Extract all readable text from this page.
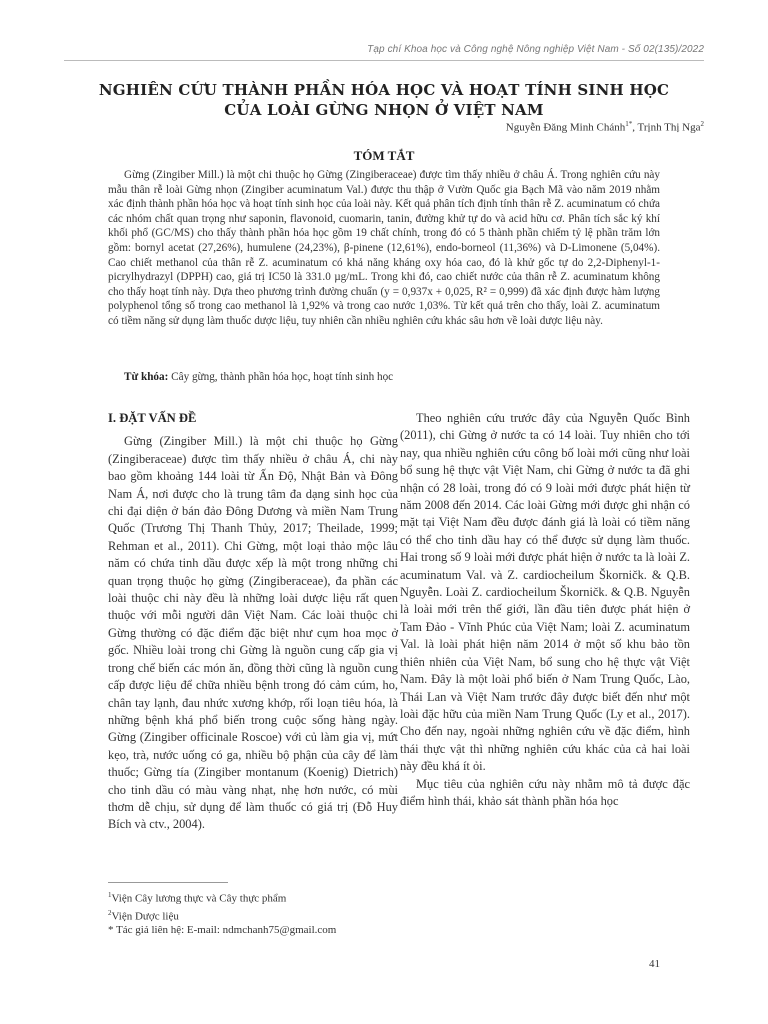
Tạp chí Khoa học và Công nghệ Nông nghiệp Việt Nam - Số 02(135)/2022
NGHIÊN CỨU THÀNH PHẦN HÓA HỌC VÀ HOẠT TÍNH SINH HỌC
CỦA LOÀI GỪNG NHỌN Ở VIỆT NAM
Nguyễn Đăng Minh Chánh$^{1*}$, Trịnh Thị Nga$^2$
TÓM TẮT
Gừng (Zingiber Mill.) là một chi thuộc họ Gừng (Zingiberaceae) được tìm thấy nhiều ở châu Á. Trong nghiên cứu này mẫu thân rễ loài Gừng nhọn (Zingiber acuminatum Val.) được thu thập ở Vườn Quốc gia Bạch Mã vào năm 2019 nhằm xác định thành phần hóa học và hoạt tính sinh học của loài này. Kết quả phân tích định tính thân rễ Z. acuminatum có chứa các nhóm chất quan trọng như saponin, flavonoid, cuomarin, tanin, đường khử tự do và acid hữu cơ. Phân tích sắc ký khí khối phổ (GC/MS) cho thấy thành phần hóa học gồm 19 chất chính, trong đó có 5 thành phần chiếm tỷ lệ phần trăm lớn gồm: bornyl acetat (27,26%), humulene (24,23%), β-pinene (12,61%), endo-borneol (11,36%) và D-Limonene (5,04%). Cao chiết methanol của thân rễ Z. acuminatum có khả năng kháng oxy hóa cao, đó là khử gốc tự do 2,2-Diphenyl-1-picrylhydrazyl (DPPH) cao, giá trị IC50 là 331.0 µg/mL. Trong khi đó, cao chiết nước của thân rễ Z. acuminatum không cho thấy hoạt tính này. Dựa theo phương trình đường chuẩn (y = 0,937x + 0,025, R² = 0,999) đã xác định được hàm lượng polyphenol tổng số trong cao methanol là 1,92% và trong cao nước 1,03%. Từ kết quả trên cho thấy, loài Z. acuminatum có tiềm năng sử dụng làm thuốc dược liệu, tuy nhiên cần nhiều nghiên cứu khác sâu hơn về loài dược liệu này.
Từ khóa: Cây gừng, thành phần hóa học, hoạt tính sinh học
I. ĐẶT VẤN ĐỀ

Gừng (Zingiber Mill.) là một chi thuộc họ Gừng (Zingiberaceae) được tìm thấy nhiều ở châu Á, chi này bao gồm khoảng 144 loài từ Ấn Độ, Nhật Bản và Đông Nam Á, nơi được cho là trung tâm đa dạng sinh học của chi đại diện ở bán đảo Đông Dương và miền Nam Trung Quốc (Trương Thị Thanh Thủy, 2017; Theilade, 1999; Rehman et al., 2011). Chi Gừng, một loại thảo mộc lâu năm có chứa tinh dầu được xếp là một trong những chi quan trọng thuộc họ gừng (Zingiberaceae), đa phần các loài thuộc chi này đều là những loài dược liệu rất quen thuộc với mỗi người dân Việt Nam. Các loài thuộc chi Gừng thường có đặc điểm đặc biệt như cụm hoa mọc ở gốc. Nhiều loài trong chi Gừng là nguồn cung cấp gia vị trong chế biến các món ăn, đồng thời cũng là nguồn cung cấp được liệu để chữa nhiều bệnh trong đó cảm cúm, ho, chân tay lạnh, đau nhức xương khớp, rối loạn tiêu hóa, là những bệnh khá phổ biến trong cuộc sống hàng ngày. Gừng (Zingiber officinale Roscoe) với củ làm gia vị, mứt kẹo, trà, nước uống có ga, nhiều bộ phận của cây để làm thuốc; Gừng tía (Zingiber montanum (Koenig) Dietrich) cho tinh dầu có màu vàng nhạt, nhẹ hơn nước, có mùi thơm dễ chịu, sử dụng để làm thuốc có giá trị (Đỗ Huy Bích và ctv., 2004).

Theo nghiên cứu trước đây của Nguyễn Quốc Bình (2011), chi Gừng ở nước ta có 14 loài. Tuy nhiên cho tới nay, qua nhiều nghiên cứu công bố loài mới cũng như loài bổ sung hệ thực vật Việt Nam, chi Gừng ở nước ta đã ghi nhận có 28 loài, trong đó có 9 loài mới được phát hiện từ năm 2008 đến 2014. Các loài Gừng mới được ghi nhận có mặt tại Việt Nam đều được đánh giá là loài có tiềm năng có thể cho tinh dầu hay có thể được sử dụng làm thuốc. Hai trong số 9 loài mới được phát hiện ở nước ta là loài Z. acuminatum Val. và Z. cardiocheilum Škorničk. & Q.B. Nguyễn. Loài Z. cardiocheilum Škorničk. & Q.B. Nguyễn là loài mới trên thế giới, lần đầu tiên được phát hiện ở Tam Đảo - Vĩnh Phúc của Việt Nam; loài Z. acuminatum Val. là loài phát hiện năm 2014 ở một số khu bảo tồn thiên nhiên của Việt Nam, bổ sung cho hệ thực vật Việt Nam. Đây là một loài phổ biến ở Nam Trung Quốc, Lào, Thái Lan và Việt Nam trước đây được biết đến như một loài đặc hữu của miền Nam Trung Quốc (Ly et al., 2017). Cho đến nay, ngoài những nghiên cứu về đặc điểm, hình thái thực vật thì những nghiên cứu khác của cả hai loài này đều khá ít ỏi.

Mục tiêu của nghiên cứu này nhằm mô tả được đặc điểm hình thái, khảo sát thành phần hóa học

$^1$Viện Cây lương thực và Cây thực phẩm
$^2$Viện Dược liệu
* Tác giả liên hệ: E-mail: ndmchanh75@gmail.com
41
